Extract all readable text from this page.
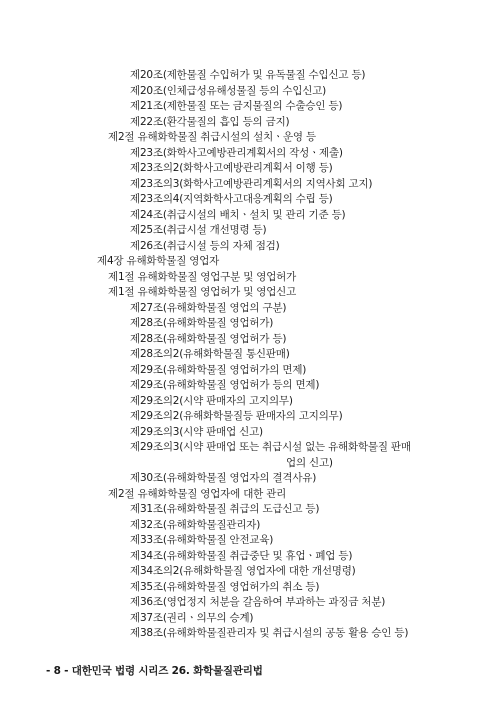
제20조(제한물질 수입허가 및 유독물질 수입신고 등)
제20조(인체급성유해성물질 등의 수입신고)
제21조(제한물질 또는 금지물질의 수출승인 등)
제22조(환각물질의 흡입 등의 금지)
제2절 유해화학물질 취급시설의 설치ㆍ운영 등
제23조(화학사고예방관리계획서의 작성ㆍ제출)
제23조의2(화학사고예방관리계획서 이행 등)
제23조의3(화학사고예방관리계획서의 지역사회 고지)
제23조의4(지역화학사고대응계획의 수립 등)
제24조(취급시설의 배치ㆍ설치 및 관리 기준 등)
제25조(취급시설 개선명령 등)
제26조(취급시설 등의 자체 점검)
제4장 유해화학물질 영업자
제1절 유해화학물질 영업구분 및 영업허가
제1절 유해화학물질 영업허가 및 영업신고
제27조(유해화학물질 영업의 구분)
제28조(유해화학물질 영업허가)
제28조(유해화학물질 영업허가 등)
제28조의2(유해화학물질 통신판매)
제29조(유해화학물질 영업허가의 면제)
제29조(유해화학물질 영업허가 등의 면제)
제29조의2(시약 판매자의 고지의무)
제29조의2(유해화학물질등 판매자의 고지의무)
제29조의3(시약 판매업 신고)
제29조의3(시약 판매업 또는 취급시설 없는 유해화학물질 판매
업의 신고)
제30조(유해화학물질 영업자의 결격사유)
제2절 유해화학물질 영업자에 대한 관리
제31조(유해화학물질 취급의 도급신고 등)
제32조(유해화학물질관리자)
제33조(유해화학물질 안전교육)
제34조(유해화학물질 취급중단 및 휴업ㆍ폐업 등)
제34조의2(유해화학물질 영업자에 대한 개선명령)
제35조(유해화학물질 영업허가의 취소 등)
제36조(영업정지 처분을 갈음하여 부과하는 과징금 처분)
제37조(권리ㆍ의무의 승계)
제38조(유해화학물질관리자 및 취급시설의 공동 활용 승인 등)
- 8 - 대한민국 법령 시리즈 26. 화학물질관리법
